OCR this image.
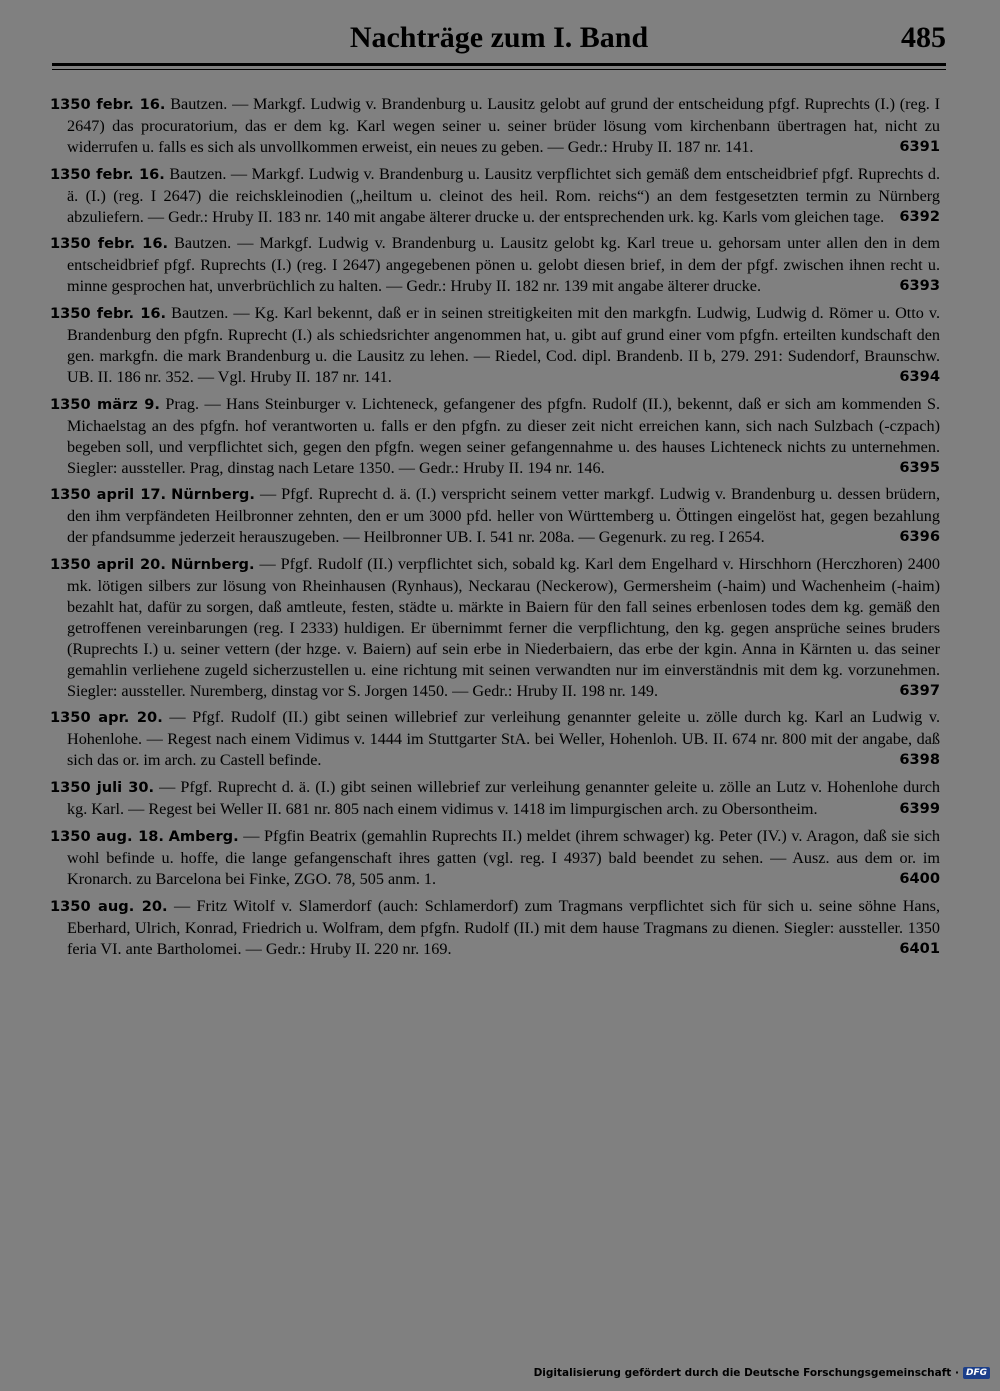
Nachträge zum I. Band	485
1350 febr. 16. Bautzen. — Markgf. Ludwig v. Brandenburg u. Lausitz gelobt auf grund der entscheidung pfgf. Ruprechts (I.) (reg. I 2647) das procuratorium, das er dem kg. Karl wegen seiner u. seiner brüder lösung vom kirchenbann übertragen hat, nicht zu widerrufen u. falls es sich als unvollkommen erweist, ein neues zu geben. — Gedr.: Hruby II. 187 nr. 141.	6391
1350 febr. 16. Bautzen. — Markgf. Ludwig v. Brandenburg u. Lausitz verpflichtet sich gemäß dem entscheidbrief pfgf. Ruprechts d. ä. (I.) (reg. I 2647) die reichskleinodien („heiltum u. cleinot des heil. Rom. reichs“) an dem festgesetzten termin zu Nürnberg abzuliefern. — Gedr.: Hruby II. 183 nr. 140 mit angabe älterer drucke u. der entsprechenden urk. kg. Karls vom gleichen tage. 6392
1350 febr. 16. Bautzen. — Markgf. Ludwig v. Brandenburg u. Lausitz gelobt kg. Karl treue u. gehorsam unter allen den in dem entscheidbrief pfgf. Ruprechts (I.) (reg. I 2647) angegebenen pönen u. gelobt diesen brief, in dem der pfgf. zwischen ihnen recht u. minne gesprochen hat, unverbrüchlich zu halten. — Gedr.: Hruby II. 182 nr. 139 mit angabe älterer drucke.	6393
1350 febr. 16. Bautzen. — Kg. Karl bekennt, daß er in seinen streitigkeiten mit den markgfn. Ludwig, Ludwig d. Römer u. Otto v. Brandenburg den pfgfn. Ruprecht (I.) als schiedsrichter angenommen hat, u. gibt auf grund einer vom pfgfn. erteilten kundschaft den gen. markgfn. die mark Brandenburg u. die Lausitz zu lehen. — Riedel, Cod. dipl. Brandenb. II b, 279. 291: Sudendorf, Braunschw. UB. II. 186 nr. 352. — Vgl. Hruby II. 187 nr. 141.	6394
1350 märz 9. Prag. — Hans Steinburger v. Lichteneck, gefangener des pfgfn. Rudolf (II.), bekennt, daß er sich am kommenden S. Michaelstag an des pfgfn. hof verantworten u. falls er den pfgfn. zu dieser zeit nicht erreichen kann, sich nach Sulzbach (-czpach) begeben soll, und verpflichtet sich, gegen den pfgfn. wegen seiner gefangennahme u. des hauses Lichteneck nichts zu unternehmen. Siegler: aussteller. Prag, dinstag nach Letare 1350. — Gedr.: Hruby II. 194 nr. 146.	6395
1350 april 17. Nürnberg. — Pfgf. Ruprecht d. ä. (I.) verspricht seinem vetter markgf. Ludwig v. Brandenburg u. dessen brüdern, den ihm verpfändeten Heilbronner zehnten, den er um 3000 pfd. heller von Württemberg u. Öttingen eingelöst hat, gegen bezahlung der pfandsumme jederzeit herauszugeben. — Heilbronner UB. I. 541 nr. 208a. — Gegenurk. zu reg. I 2654.	6396
1350 april 20. Nürnberg. — Pfgf. Rudolf (II.) verpflichtet sich, sobald kg. Karl dem Engelhard v. Hirschhorn (Herczhoren) 2400 mk. lötigen silbers zur lösung von Rheinhausen (Rynhaus), Neckarau (Neckerow), Germersheim (-haim) und Wachenheim (-haim) bezahlt hat, dafür zu sorgen, daß amtleute, festen, städte u. märkte in Baiern für den fall seines erbenlosen todes dem kg. gemäß den getroffenen vereinbarungen (reg. I 2333) huldigen. Er übernimmt ferner die verpflichtung, den kg. gegen ansprüche seines bruders (Ruprechts I.) u. seiner vettern (der hzge. v. Baiern) auf sein erbe in Niederbaiern, das erbe der kgin. Anna in Kärnten u. das seiner gemahlin verliehene zugeld sicherzustellen u. eine richtung mit seinen verwandten nur im einverständnis mit dem kg. vorzunehmen. Siegler: aussteller. Nuremberg, dinstag vor S. Jorgen 1450. — Gedr.: Hruby II. 198 nr. 149.	6397
1350 apr. 20. — Pfgf. Rudolf (II.) gibt seinen willebrief zur verleihung genannter geleite u. zölle durch kg. Karl an Ludwig v. Hohenlohe. — Regest nach einem Vidimus v. 1444 im Stuttgarter StA. bei Weller, Hohenloh. UB. II. 674 nr. 800 mit der angabe, daß sich das or. im arch. zu Castell befinde.	6398
1350 juli 30. — Pfgf. Ruprecht d. ä. (I.) gibt seinen willebrief zur verleihung genannter geleite u. zölle an Lutz v. Hohenlohe durch kg. Karl. — Regest bei Weller II. 681 nr. 805 nach einem vidimus v. 1418 im limpurgischen arch. zu Obersontheim.	6399
1350 aug. 18. Amberg. — Pfgfin Beatrix (gemahlin Ruprechts II.) meldet (ihrem schwager) kg. Peter (IV.) v. Aragon, daß sie sich wohl befinde u. hoffe, die lange gefangenschaft ihres gatten (vgl. reg. I 4937) bald beendet zu sehen. — Ausz. aus dem or. im Kronarch. zu Barcelona bei Finke, ZGO. 78, 505 anm. 1.	6400
1350 aug. 20. — Fritz Witolf v. Slamerdorf (auch: Schlamerdorf) zum Tragmans verpflichtet sich für sich u. seine söhne Hans, Eberhard, Ulrich, Konrad, Friedrich u. Wolfram, dem pfgfn. Rudolf (II.) mit dem hause Tragmans zu dienen. Siegler: aussteller. 1350 feria VI. ante Bartholomei. — Gedr.: Hruby II. 220 nr. 169.	6401
Digitalisierung gefördert durch die Deutsche Forschungsgemeinschaft · DFG
